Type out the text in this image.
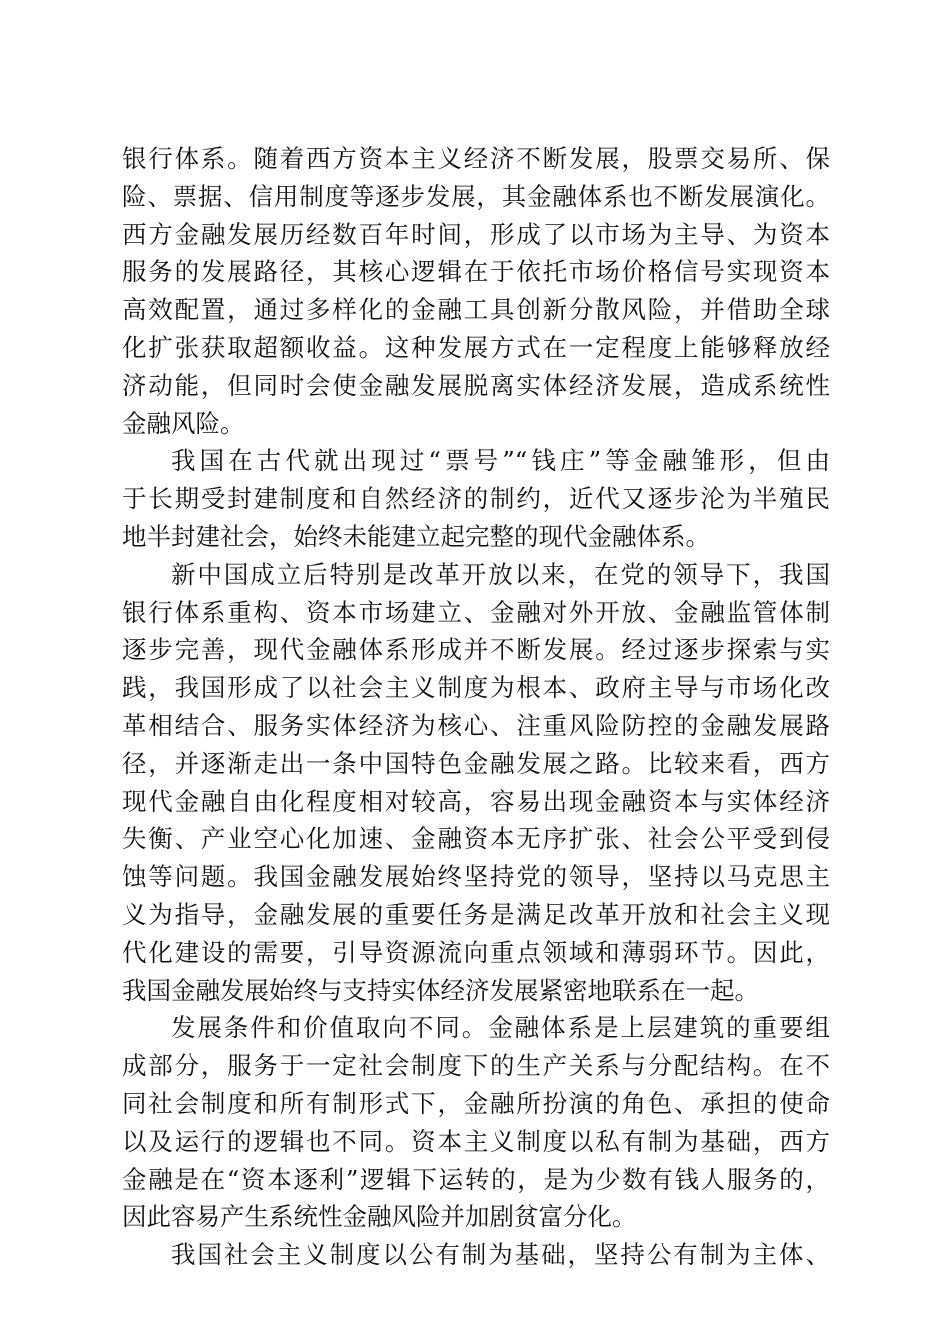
银行体系。随着西方资本主义经济不断发展，股票交易所、保
险、票据、信用制度等逐步发展，其金融体系也不断发展演化。
西方金融发展历经数百年时间，形成了以市场为主导、为资本
服务的发展路径，其核心逻辑在于依托市场价格信号实现资本
高效配置，通过多样化的金融工具创新分散风险，并借助全球
化扩张获取超额收益。这种发展方式在一定程度上能够释放经
济动能，但同时会使金融发展脱离实体经济发展，造成系统性
金融风险。
我国在古代就出现过“票号”“钱庄”等金融雏形，但由
于长期受封建制度和自然经济的制约，近代又逐步沦为半殖民
地半封建社会，始终未能建立起完整的现代金融体系。
新中国成立后特别是改革开放以来，在党的领导下，我国
银行体系重构、资本市场建立、金融对外开放、金融监管体制
逐步完善，现代金融体系形成并不断发展。经过逐步探索与实
践，我国形成了以社会主义制度为根本、政府主导与市场化改
革相结合、服务实体经济为核心、注重风险防控的金融发展路
径，并逐渐走出一条中国特色金融发展之路。比较来看，西方
现代金融自由化程度相对较高，容易出现金融资本与实体经济
失衡、产业空心化加速、金融资本无序扩张、社会公平受到侵
蚀等问题。我国金融发展始终坚持党的领导，坚持以马克思主
义为指导，金融发展的重要任务是满足改革开放和社会主义现
代化建设的需要，引导资源流向重点领域和薄弱环节。因此，
我国金融发展始终与支持实体经济发展紧密地联系在一起。
发展条件和价值取向不同。金融体系是上层建筑的重要组
成部分，服务于一定社会制度下的生产关系与分配结构。在不
同社会制度和所有制形式下，金融所扮演的角色、承担的使命
以及运行的逻辑也不同。资本主义制度以私有制为基础，西方
金融是在“资本逐利”逻辑下运转的，是为少数有钱人服务的，
因此容易产生系统性金融风险并加剧贫富分化。
我国社会主义制度以公有制为基础，坚持公有制为主体、
